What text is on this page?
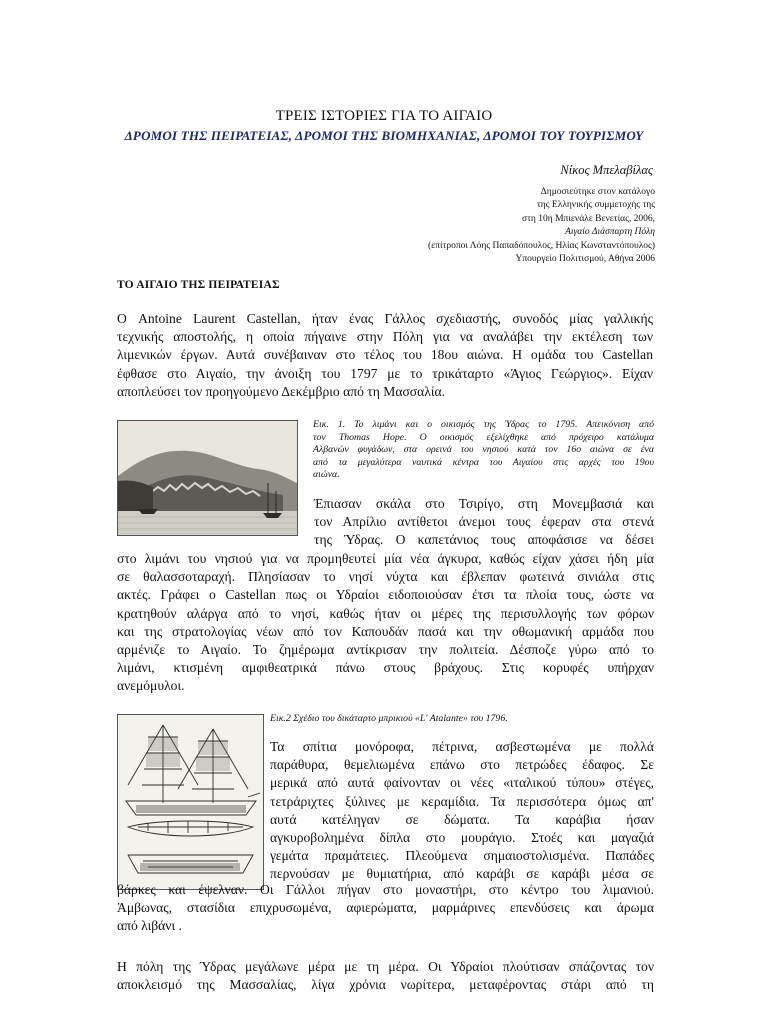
ΤΡΕΙΣ ΙΣΤΟΡΙΕΣ ΓΙΑ ΤΟ ΑΙΓΑΙΟ
ΔΡΟΜΟΙ ΤΗΣ ΠΕΙΡΑΤΕΙΑΣ, ΔΡΟΜΟΙ ΤΗΣ ΒΙΟΜΗΧΑΝΙΑΣ, ΔΡΟΜΟΙ ΤΟΥ ΤΟΥΡΙΣΜΟΥ
Νίκος Μπελαβίλας
Δημοσιεύτηκε στον κατάλογο
της Ελληνικής συμμετοχής της
στη 10η Μπιενάλε Βενετίας, 2006,
Αιγαίο Διάσπαρτη Πόλη
(επίτροποι Λόης Παπαδόπουλος, Ηλίας Κωνσταντόπουλος)
Υπουργείο Πολιτισμού, Αθήνα 2006
ΤΟ ΑΙΓΑΙΟ ΤΗΣ ΠΕΙΡΑΤΕΙΑΣ
Ο Antoine Laurent Castellan, ήταν ένας Γάλλος σχεδιαστής, συνοδός μίας γαλλικής
τεχνικής αποστολής, η οποία πήγαινε στην Πόλη για να αναλάβει την εκτέλεση των
λιμενικών έργων. Αυτά συνέβαιναν στο τέλος του 18ου αιώνα. Η ομάδα του Castellan
έφθασε στο Αιγαίο, την άνοιξη του 1797 με το τρικάταρτο «Άγιος Γεώργιος». Είχαν
αποπλεύσει τον προηγούμενο Δεκέμβριο από τη Μασσαλία.
Εικ. 1. Το λιμάνι και ο οικισμός της Ύδρας το 1795. Απεικόνιση από
τον Thomas Hope. Ο οικισμός εξελίχθηκε από πρόχειρο κατάλυμα
Αλβανών φυγάδων, στα ορεινά του νησιού κατά τον 16ο αιώνα σε ένα
από τα μεγαλύτερα ναυτικά κέντρα του Αιγαίου στις αρχές του 19ου
αιώνα.
Έπιασαν σκάλα στο Τσιρίγο, στη Μονεμβασιά και
τον Απρίλιο αντίθετοι άνεμοι τους έφεραν στα στενά
της Ύδρας. Ο καπετάνιος τους αποφάσισε να δέσει
στο λιμάνι του νησιού για να προμηθευτεί μία νέα άγκυρα, καθώς είχαν χάσει ήδη μία
σε θαλασσοταραχή. Πλησίασαν το νησί νύχτα και έβλεπαν φωτεινά σινιάλα στις
ακτές. Γράφει ο Castellan πως οι Υδραίοι ειδοποιούσαν έτσι τα πλοία τους, ώστε να
κρατηθούν αλάργα από το νησί, καθώς ήταν οι μέρες της περισυλλογής των φόρων
και της στρατολογίας νέων από τον Καπουδάν πασά και την οθωμανική αρμάδα που
αρμένιζε το Αιγαίο. Το ζημέρωμα αντίκρισαν την πολιτεία. Δέσποζε γύρω από το
λιμάνι, κτισμένη αμφιθεατρικά πάνω στους βράχους. Στις κορυφές υπήρχαν
ανεμόμυλοι.
Εικ.2 Σχέδιο του δικάταρτο μπρικιού «L' Atalante» του 1796.
Τα σπίτια μονόροφα, πέτρινα, ασβεστωμένα με πολλά
παράθυρα, θεμελιωμένα επάνω στο πετρώδες έδαφος. Σε
μερικά από αυτά φαίνονταν οι νέες «ιταλικού τύπου» στέγες,
τετράριχτες ξύλινες με κεραμίδια. Τα περισσότερα όμως απ'
αυτά κατέληγαν σε δώματα. Τα καράβια ήσαν
αγκυροβολημένα δίπλα στο μουράγιο. Στοές και μαγαζιά
γεμάτα πραμάτειες. Πλεούμενα σημαιοστολισμένα. Παπάδες
περνούσαν με θυμιατήρια, από καράβι σε καράβι μέσα σε
βάρκες και έψελναν. Οι Γάλλοι πήγαν στο μοναστήρι, στο κέντρο του λιμανιού.
Άμβωνας, στασίδια επιχρυσωμένα, αφιερώματα, μαρμάρινες επενδύσεις και άρωμα
από λιβάνι .
Η πόλη της Ύδρας μεγάλωνε μέρα με τη μέρα. Οι Υδραίοι πλούτισαν σπάζοντας τον
αποκλεισμό της Μασσαλίας, λίγα χρόνια νωρίτερα, μεταφέροντας στάρι από τη
